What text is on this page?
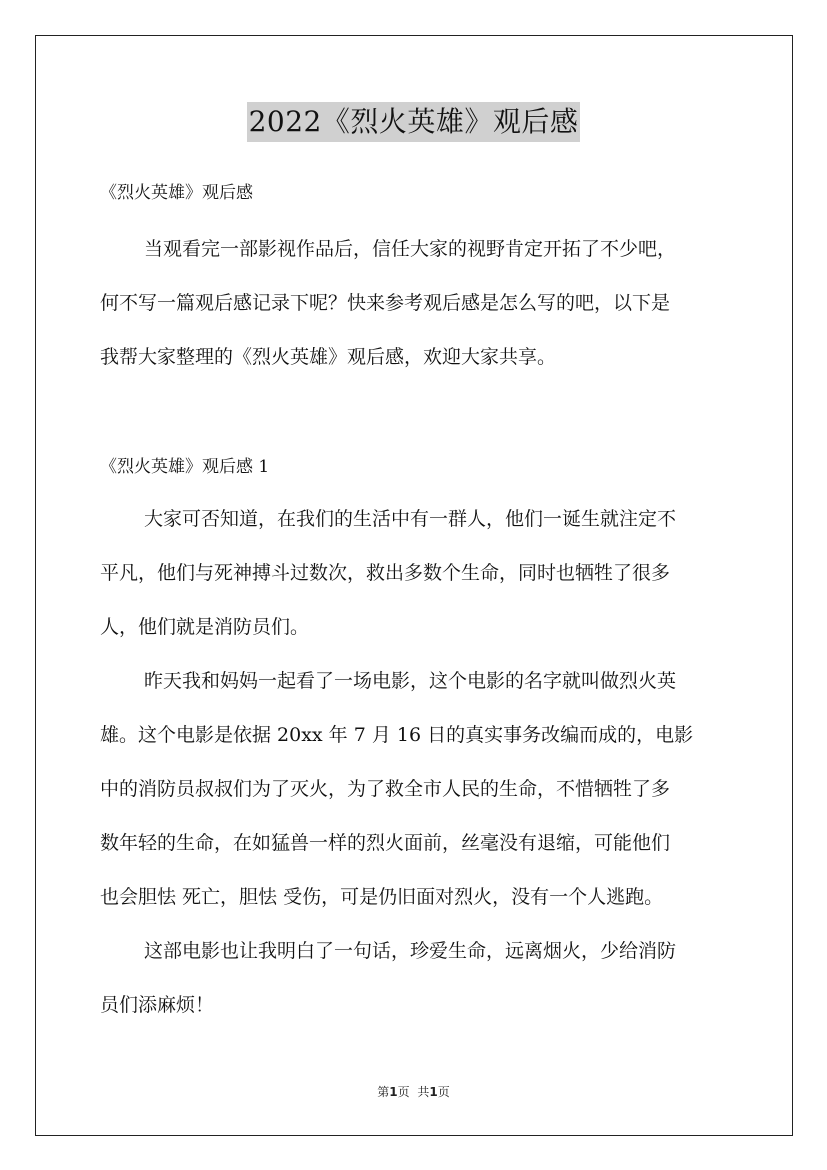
2022《烈火英雄》观后感
《烈火英雄》观后感
当观看完一部影视作品后，信任大家的视野肯定开拓了不少吧，
何不写一篇观后感记录下呢？快来参考观后感是怎么写的吧，以下是
我帮大家整理的《烈火英雄》观后感，欢迎大家共享。
《烈火英雄》观后感 1
大家可否知道，在我们的生活中有一群人，他们一诞生就注定不
平凡，他们与死神搏斗过数次，救出多数个生命，同时也牺牲了很多
人，他们就是消防员们。
昨天我和妈妈一起看了一场电影，这个电影的名字就叫做烈火英
雄。这个电影是依据 20xx 年 7 月 16 日的真实事务改编而成的，电影
中的消防员叔叔们为了灭火，为了救全市人民的生命，不惜牺牲了多
数年轻的生命，在如猛兽一样的烈火面前，丝毫没有退缩，可能他们
也会胆怯 死亡，胆怯 受伤，可是仍旧面对烈火，没有一个人逃跑。
这部电影也让我明白了一句话，珍爱生命，远离烟火，少给消防
员们添麻烦！
第1页 共1页
